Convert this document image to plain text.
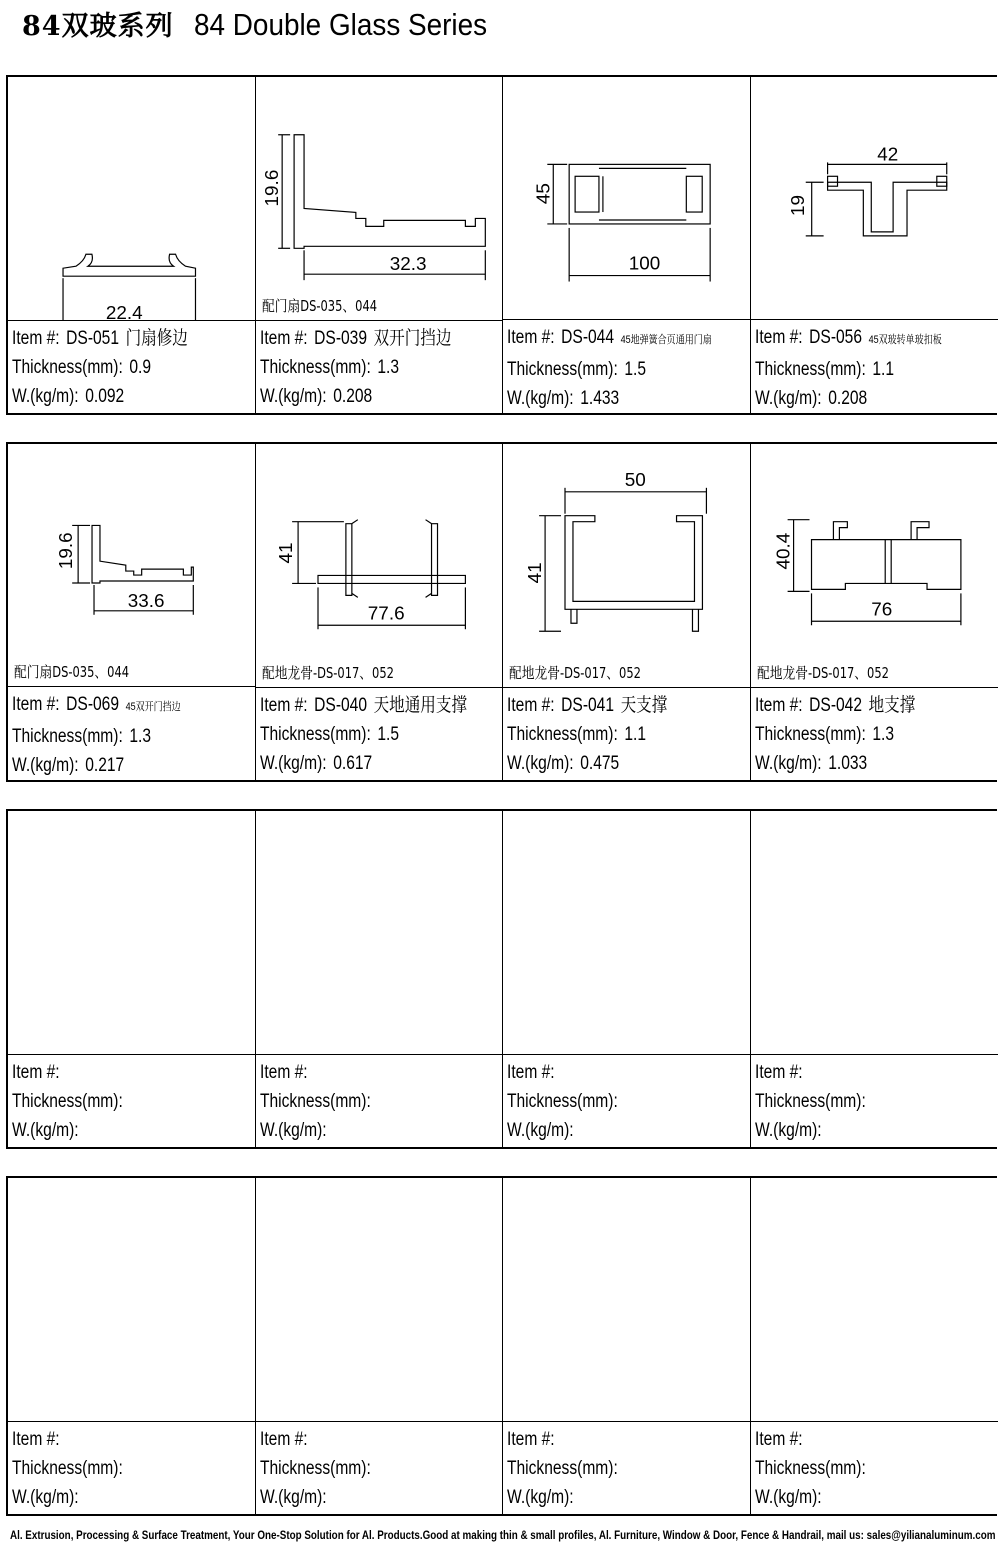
84双玻系列 84 Double Glass Series
22.4
Item #: DS-051 门扇修边
Thickness(mm): 0.9
W.(kg/m): 0.092
19.6
32.3
配门扇DS-035、044
Item #: DS-039 双开门挡边
Thickness(mm): 1.3
W.(kg/m): 0.208
45
100
Item #: DS-044 45地弹簧合页通用门扇
Thickness(mm): 1.5
W.(kg/m): 1.433
42
19
Item #: DS-056 45双玻转单玻扣板
Thickness(mm): 1.1
W.(kg/m): 0.208
19.6
33.6
配门扇DS-035、044
Item #: DS-069 45双开门挡边
Thickness(mm): 1.3
W.(kg/m): 0.217
41
77.6
配地龙骨-DS-017、052
Item #: DS-040 天地通用支撑
Thickness(mm): 1.5
W.(kg/m): 0.617
50
41
配地龙骨-DS-017、052
Item #: DS-041 天支撑
Thickness(mm): 1.1
W.(kg/m): 0.475
40.4
76
配地龙骨-DS-017、052
Item #: DS-042 地支撑
Thickness(mm): 1.3
W.(kg/m): 1.033
Item #:
Thickness(mm):
W.(kg/m):
Item #:
Thickness(mm):
W.(kg/m):
Item #:
Thickness(mm):
W.(kg/m):
Item #:
Thickness(mm):
W.(kg/m):
Item #:
Thickness(mm):
W.(kg/m):
Item #:
Thickness(mm):
W.(kg/m):
Item #:
Thickness(mm):
W.(kg/m):
Item #:
Thickness(mm):
W.(kg/m):
Al. Extrusion, Processing & Surface Treatment, Your One-Stop Solution for Al. Products.Good at making thin & small profiles, Al. Furniture, Window & Door, Fence & Handrail, mail us: sales@yilianaluminum.com
